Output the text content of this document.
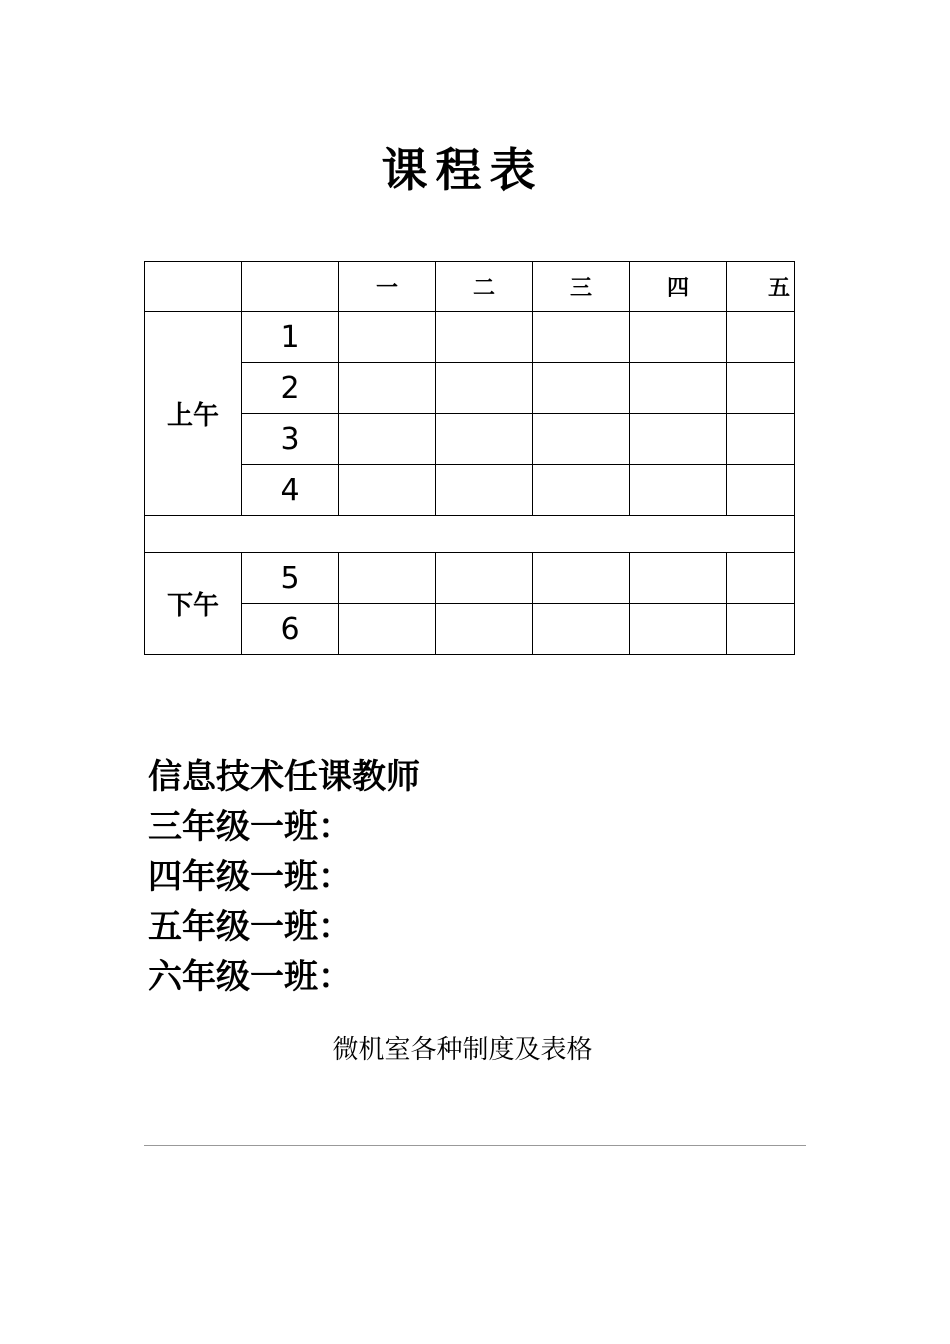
课程表
		一	二	三	四	五
上午	1					
	2					
	3					
	4					

下午	5					
	6					
信息技术任课教师
三年级一班：
四年级一班：
五年级一班：
六年级一班：
微机室各种制度及表格
